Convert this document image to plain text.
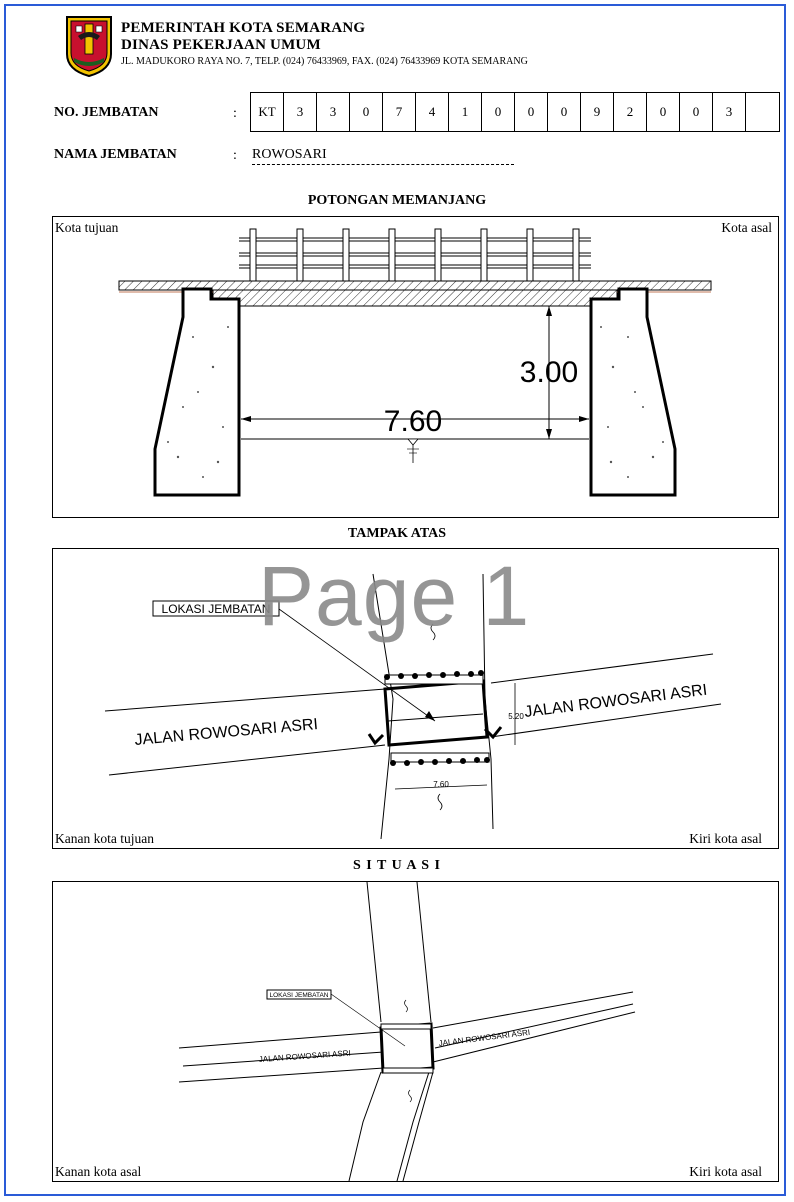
PEMERINTAH KOTA SEMARANG
DINAS PEKERJAAN UMUM
JL. MADUKORO RAYA NO. 7, TELP. (024) 76433969, FAX. (024) 76433969 KOTA SEMARANG
NO. JEMBATAN	:	KT	3	3	0	7	4	1	0	0	0	9	2	0	0	3
NAMA JEMBATAN	: ROWOSARI
POTONGAN MEMANJANG
Kota tujuan	Kota asal
7.60
3.00
TAMPAK ATAS
7.60
5.20
LOKASI JEMBATAN
JALAN ROWOSARI ASRI
JALAN ROWOSARI ASRI
Kanan kota tujuan	Kiri kota asal
Page 1
S I T U A S I
LOKASI JEMBATAN
JALAN ROWOSARI ASRI
JALAN ROWOSARI ASRI
Kanan kota asal	Kiri kota asal
